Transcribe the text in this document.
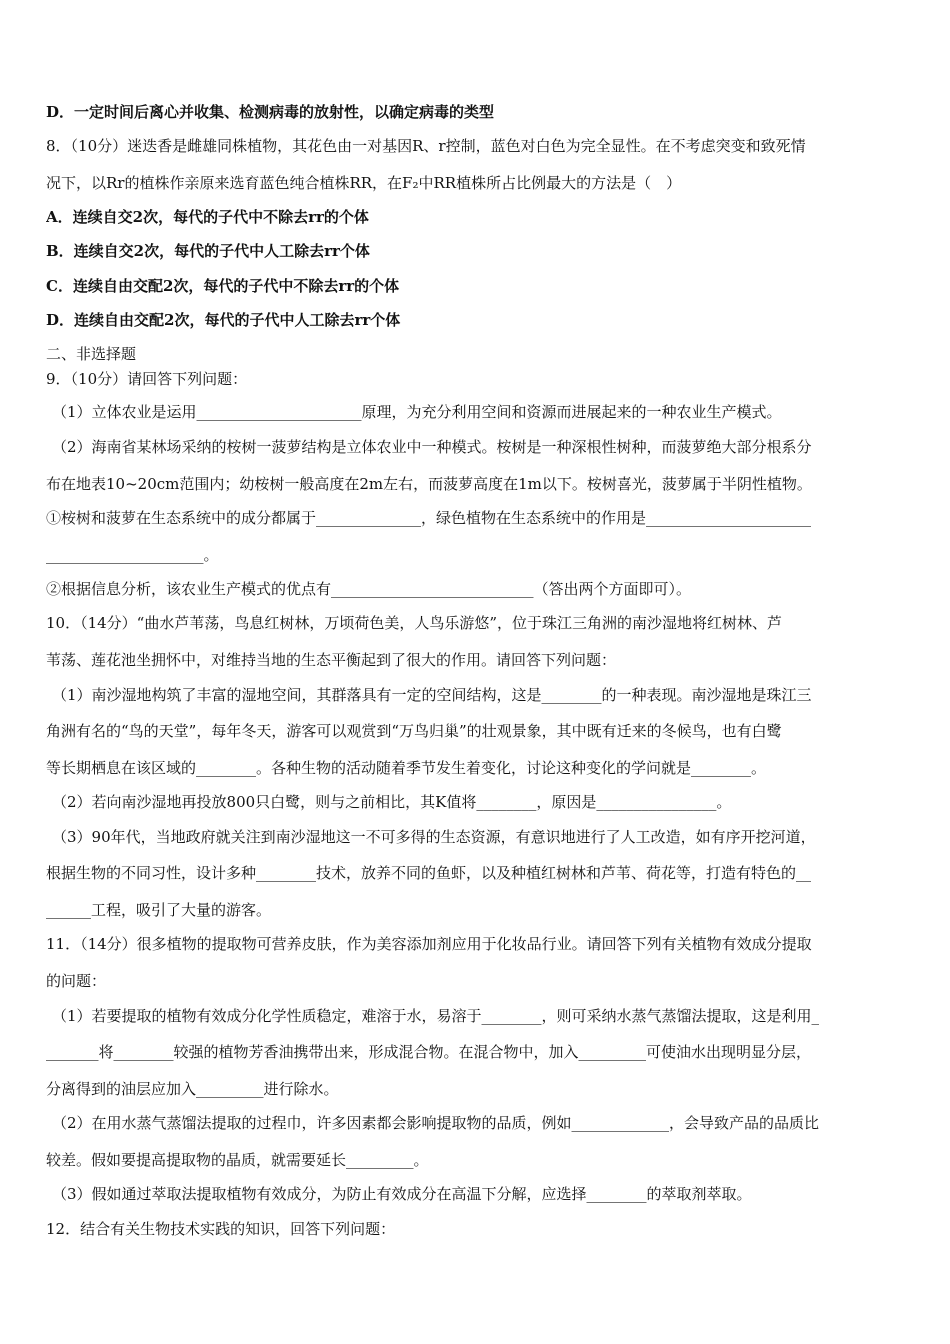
D．一定时间后离心并收集、检测病毒的放射性，以确定病毒的类型
8．（10分）迷迭香是雌雄同株植物，其花色由一对基因R、r控制，蓝色对白色为完全显性。在不考虑突变和致死情
况下，以Rr的植株作亲原来选育蓝色纯合植株RR，在F₂中RR植株所占比例最大的方法是（　）
A．连续自交2次，每代的子代中不除去rr的个体
B．连续自交2次，每代的子代中人工除去rr个体
C．连续自由交配2次，每代的子代中不除去rr的个体
D．连续自由交配2次，每代的子代中人工除去rr个体
二、非选择题
9．（10分）请回答下列问题：
（1）立体农业是运用______________________原理，为充分利用空间和资源而进展起来的一种农业生产模式。
（2）海南省某林场采纳的桉树一菠萝结构是立体农业中一种模式。桉树是一种深根性树种，而菠萝绝大部分根系分
布在地表10~20cm范围内；幼桉树一般高度在2m左右，而菠萝高度在1m以下。桉树喜光，菠萝属于半阴性植物。
①桉树和菠萝在生态系统中的成分都属于______________，绿色植物在生态系统中的作用是______________________
_____________________。
②根据信息分析，该农业生产模式的优点有___________________________（答出两个方面即可）。
10．（14分）“曲水芦苇荡，鸟息红树林，万顷荷色美，人鸟乐游悠”，位于珠江三角洲的南沙湿地将红树林、芦
苇荡、莲花池坐拥怀中，对维持当地的生态平衡起到了很大的作用。请回答下列问题：
（1）南沙湿地构筑了丰富的湿地空间，其群落具有一定的空间结构，这是________的一种表现。南沙湿地是珠江三
角洲有名的“鸟的天堂”，每年冬天，游客可以观赏到“万鸟归巢”的壮观景象，其中既有迁来的冬候鸟，也有白鹭
等长期栖息在该区域的________。各种生物的活动随着季节发生着变化，讨论这种变化的学问就是________。
（2）若向南沙湿地再投放800只白鹭，则与之前相比，其K值将________，原因是________________。
（3）90年代，当地政府就关注到南沙湿地这一不可多得的生态资源，有意识地进行了人工改造，如有序开挖河道，
根据生物的不同习性，设计多种________技术，放养不同的鱼虾，以及种植红树林和芦苇、荷花等，打造有特色的__
______工程，吸引了大量的游客。
11．（14分）很多植物的提取物可营养皮肤，作为美容添加剂应用于化妆品行业。请回答下列有关植物有效成分提取
的问题：
（1）若要提取的植物有效成分化学性质稳定，难溶于水，易溶于________，则可采纳水蒸气蒸馏法提取，这是利用_
_______将________较强的植物芳香油携带出来，形成混合物。在混合物中，加入_________可使油水出现明显分层，
分离得到的油层应加入_________进行除水。
（2）在用水蒸气蒸馏法提取的过程巾，许多因素都会影响提取物的品质，例如_____________，会导致产品的品质比
较差。假如要提高提取物的晶质，就需要延长_________。
（3）假如通过萃取法提取植物有效成分，为防止有效成分在高温下分解，应选择________的萃取剂萃取。
12．结合有关生物技术实践的知识，回答下列问题：
